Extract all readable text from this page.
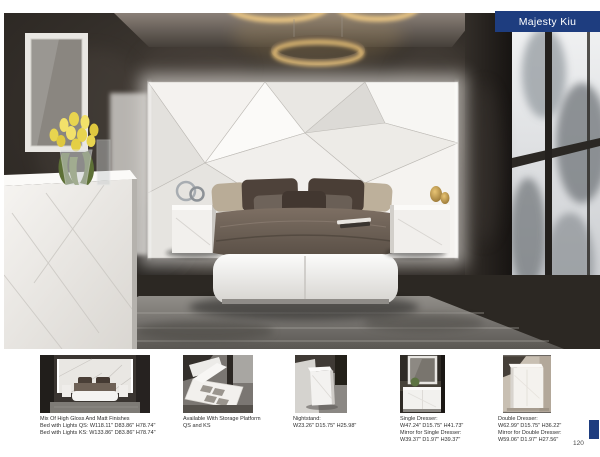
Majesty Kiu
Mix Of High Gloss And Matt Finishes
Bed with Lights QS: W118.11" D83.86" H78.74"
Bed with Lights KS: W133.86" D83.86" H78.74"
Available With Storage Platform
QS and KS
Nightstand:
W23.26" D15.75" H25.98"
Single Dresser:
W47.24" D15.75" H41.73"
Mirror for Single Dresser:
W39.37" D1.97" H39.37"
Double Dresser:
W62.99" D15.75" H36.22"
Mirror for Double Dresser:
W59.06" D1.97" H27.56"	120
